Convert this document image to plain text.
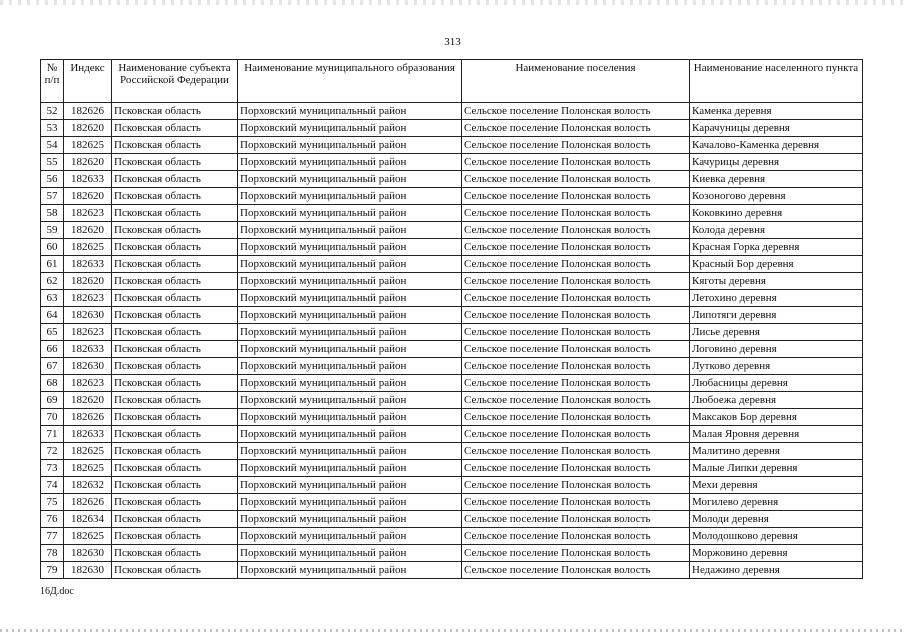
313
№ п/п	Индекс	Наименование субъекта Российской Федерации	Наименование муниципального образования	Наименование поселения	Наименование населенного пункта
52	182626	Псковская область	Порховский муниципальный район	Сельское поселение Полонская волость	Каменка деревня
53	182620	Псковская область	Порховский муниципальный район	Сельское поселение Полонская волость	Карачуницы деревня
54	182625	Псковская область	Порховский муниципальный район	Сельское поселение Полонская волость	Качалово-Каменка деревня
55	182620	Псковская область	Порховский муниципальный район	Сельское поселение Полонская волость	Качурицы деревня
56	182633	Псковская область	Порховский муниципальный район	Сельское поселение Полонская волость	Киевка деревня
57	182620	Псковская область	Порховский муниципальный район	Сельское поселение Полонская волость	Козоногово деревня
58	182623	Псковская область	Порховский муниципальный район	Сельское поселение Полонская волость	Коковкино деревня
59	182620	Псковская область	Порховский муниципальный район	Сельское поселение Полонская волость	Колода деревня
60	182625	Псковская область	Порховский муниципальный район	Сельское поселение Полонская волость	Красная Горка деревня
61	182633	Псковская область	Порховский муниципальный район	Сельское поселение Полонская волость	Красный Бор деревня
62	182620	Псковская область	Порховский муниципальный район	Сельское поселение Полонская волость	Кяготы деревня
63	182623	Псковская область	Порховский муниципальный район	Сельское поселение Полонская волость	Летохино деревня
64	182630	Псковская область	Порховский муниципальный район	Сельское поселение Полонская волость	Липотяги деревня
65	182623	Псковская область	Порховский муниципальный район	Сельское поселение Полонская волость	Лисье деревня
66	182633	Псковская область	Порховский муниципальный район	Сельское поселение Полонская волость	Логовино деревня
67	182630	Псковская область	Порховский муниципальный район	Сельское поселение Полонская волость	Лутково деревня
68	182623	Псковская область	Порховский муниципальный район	Сельское поселение Полонская волость	Любасницы деревня
69	182620	Псковская область	Порховский муниципальный район	Сельское поселение Полонская волость	Любоежа деревня
70	182626	Псковская область	Порховский муниципальный район	Сельское поселение Полонская волость	Максаков Бор деревня
71	182633	Псковская область	Порховский муниципальный район	Сельское поселение Полонская волость	Малая Яровня деревня
72	182625	Псковская область	Порховский муниципальный район	Сельское поселение Полонская волость	Малитино деревня
73	182625	Псковская область	Порховский муниципальный район	Сельское поселение Полонская волость	Малые Липки деревня
74	182632	Псковская область	Порховский муниципальный район	Сельское поселение Полонская волость	Мехи деревня
75	182626	Псковская область	Порховский муниципальный район	Сельское поселение Полонская волость	Могилево деревня
76	182634	Псковская область	Порховский муниципальный район	Сельское поселение Полонская волость	Молоди деревня
77	182625	Псковская область	Порховский муниципальный район	Сельское поселение Полонская волость	Молодошково деревня
78	182630	Псковская область	Порховский муниципальный район	Сельское поселение Полонская волость	Моржовино деревня
79	182630	Псковская область	Порховский муниципальный район	Сельское поселение Полонская волость	Недажино деревня
16Д.doc
